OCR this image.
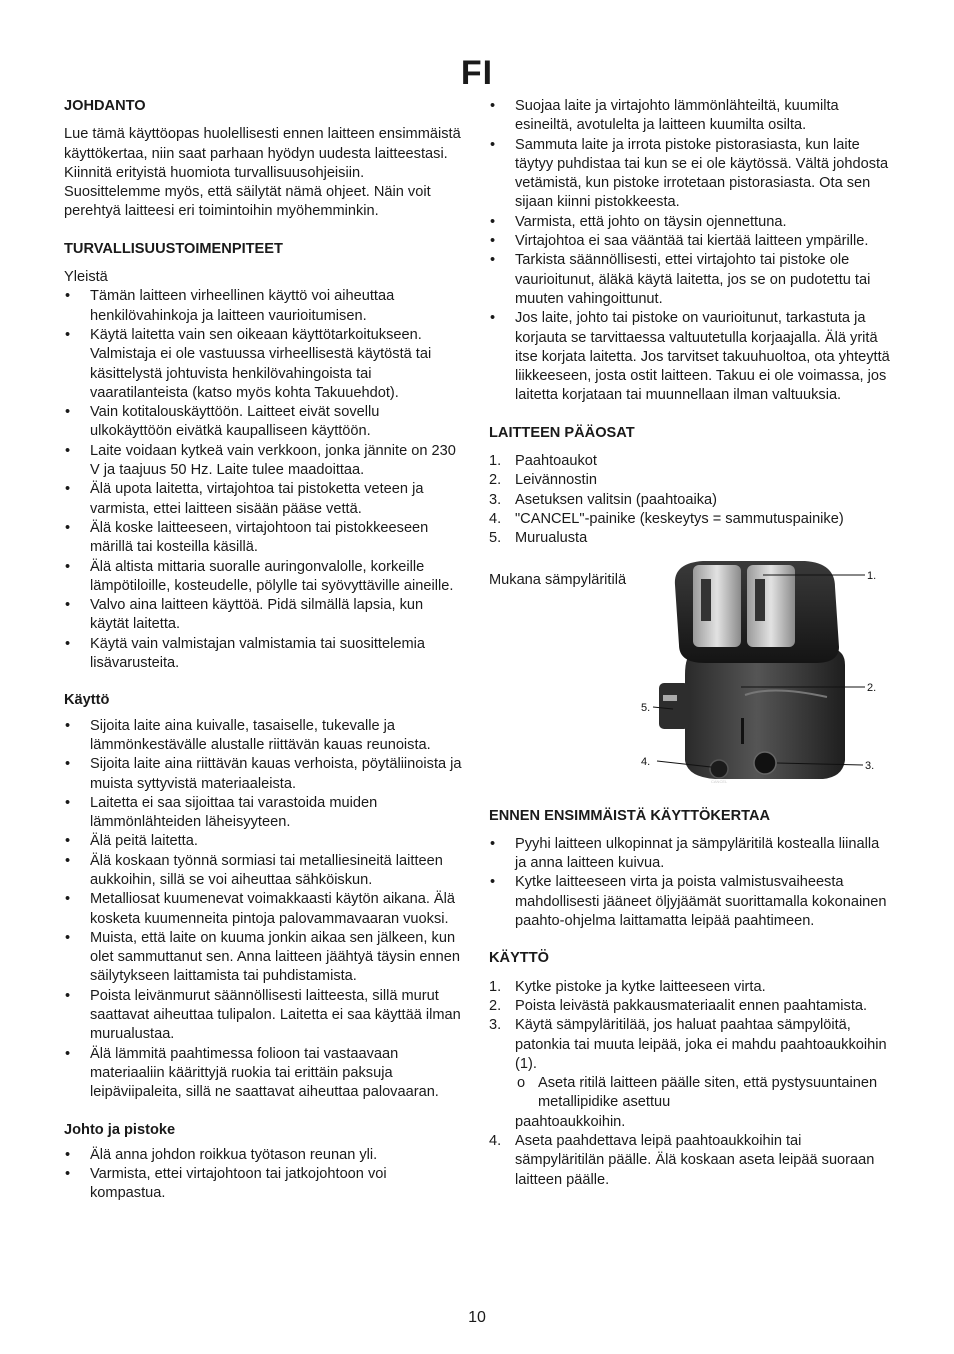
FI
JOHDANTO

Lue tämä käyttöopas huolellisesti ennen laitteen ensimmäistä käyttökertaa, niin saat parhaan hyödyn uudesta laitteestasi. Kiinnitä erityistä huomiota turvallisuusohjeisiin. Suosittelemme myös, että säilytät nämä ohjeet. Näin voit perehtyä laitteesi eri toimintoihin myöhemminkin.

TURVALLISUUSTOIMENPITEET

Yleistä

• Tämän laitteen virheellinen käyttö voi aiheuttaa henkilövahinkoja ja laitteen vaurioitumisen.
• Käytä laitetta vain sen oikeaan käyttötarkoitukseen. Valmistaja ei ole vastuussa virheellisestä käytöstä tai käsittelystä johtuvista henkilövahingoista tai vaaratilanteista (katso myös kohta Takuuehdot).
• Vain kotitalouskäyttöön. Laitteet eivät sovellu ulkokäyttöön eivätkä kaupalliseen käyttöön.
• Laite voidaan kytkeä vain verkkoon, jonka jännite on 230 V ja taajuus 50 Hz. Laite tulee maadoittaa.
• Älä upota laitetta, virtajohtoa tai pistoketta veteen ja varmista, ettei laitteen sisään pääse vettä.
• Älä koske laitteeseen, virtajohtoon tai pistokkeeseen märillä tai kosteilla käsillä.
• Älä altista mittaria suoralle auringonvalolle, korkeille lämpötiloille, kosteudelle, pölylle tai syövyttäville aineille.
• Valvo aina laitteen käyttöä. Pidä silmällä lapsia, kun käytät laitetta.
• Käytä vain valmistajan valmistamia tai suosittelemia lisävarusteita.
Käyttö
• Sijoita laite aina kuivalle, tasaiselle, tukevalle ja lämmönkestävälle alustalle riittävän kauas reunoista.
• Sijoita laite aina riittävän kauas verhoista, pöytäliinoista ja muista syttyvistä materiaaleista.
• Laitetta ei saa sijoittaa tai varastoida muiden lämmönlähteiden läheisyyteen.
• Älä peitä laitetta.
• Älä koskaan työnnä sormiasi tai metalliesineitä laitteen aukkoihin, sillä se voi aiheuttaa sähköiskun.
• Metalliosat kuumenevat voimakkaasti käytön aikana. Älä kosketa kuumenneita pintoja palovammavaaran vuoksi.
• Muista, että laite on kuuma jonkin aikaa sen jälkeen, kun olet sammuttanut sen. Anna laitteen jäähtyä täysin ennen säilytykseen laittamista tai puhdistamista.
• Poista leivänmurut säännöllisesti laitteesta, sillä murut saattavat aiheuttaa tulipalon. Laitetta ei saa käyttää ilman murualustaa.
• Älä lämmitä paahtimessa folioon tai vastaavaan materiaaliin käärittyjä ruokia tai erittäin paksuja leipäviipaleita, sillä ne saattavat aiheuttaa palovaaran.
Johto ja pistoke
• Älä anna johdon roikkua työtason reunan yli.
• Varmista, ettei virtajohtoon tai jatkojohtoon voi kompastua.
• Suojaa laite ja virtajohto lämmönlähteiltä, kuumilta esineiltä, avotulelta ja laitteen kuumilta osilta.
• Sammuta laite ja irrota pistoke pistorasiasta, kun laite täytyy puhdistaa tai kun se ei ole käytössä. Vältä johdosta vetämistä, kun pistoke irrotetaan pistorasiasta. Ota sen sijaan kiinni pistokkeesta.
• Varmista, että johto on täysin ojennettuna.
• Virtajohtoa ei saa vääntää tai kiertää laitteen ympärille.
• Tarkista säännöllisesti, ettei virtajohto tai pistoke ole vaurioitunut, äläkä käytä laitetta, jos se on pudotettu tai muuten vahingoittunut.
• Jos laite, johto tai pistoke on vaurioitunut, tarkastuta ja korjauta se tarvittaessa valtuutetulla korjaajalla. Älä yritä itse korjata laitetta. Jos tarvitset takuuhuoltoa, ota yhteyttä liikkeeseen, josta ostit laitteen. Takuu ei ole voimassa, jos laitetta korjataan tai muunnellaan ilman valtuuksia.
LAITTEEN PÄÄOSAT
1. Paahtoaukot
2. Leivännostin
3. Asetuksen valitsin (paahtoaika)
4. "CANCEL"-painike (keskeytys = sammutuspainike)
5. Murualusta
Mukana sämpyläritilä
CANCEL
1.
2.
3.
4.
5.
ENNEN ENSIMMÄISTÄ KÄYTTÖKERTAA
• Pyyhi laitteen ulkopinnat ja sämpyläritilä kostealla liinalla ja anna laitteen kuivua.
• Kytke laitteeseen virta ja poista valmistusvaiheesta mahdollisesti jääneet öljyjäämät suorittamalla kokonainen paahto-ohjelma laittamatta leipää paahtimeen.
KÄYTTÖ
1. Kytke pistoke ja kytke laitteeseen virta.
2. Poista leivästä pakkausmateriaalit ennen paahtamista.
3. Käytä sämpyläritilää, jos haluat paahtaa sämpylöitä, patonkia tai muuta leipää, joka ei mahdu paahtoaukkoihin (1).
o Aseta ritilä laitteen päälle siten, että pystysuuntainen metallipidike asettuu
paahtoaukkoihin.
4. Aseta paahdettava leipä paahtoaukkoihin tai sämpyläritilän päälle. Älä koskaan aseta leipää suoraan laitteen päälle.
10
